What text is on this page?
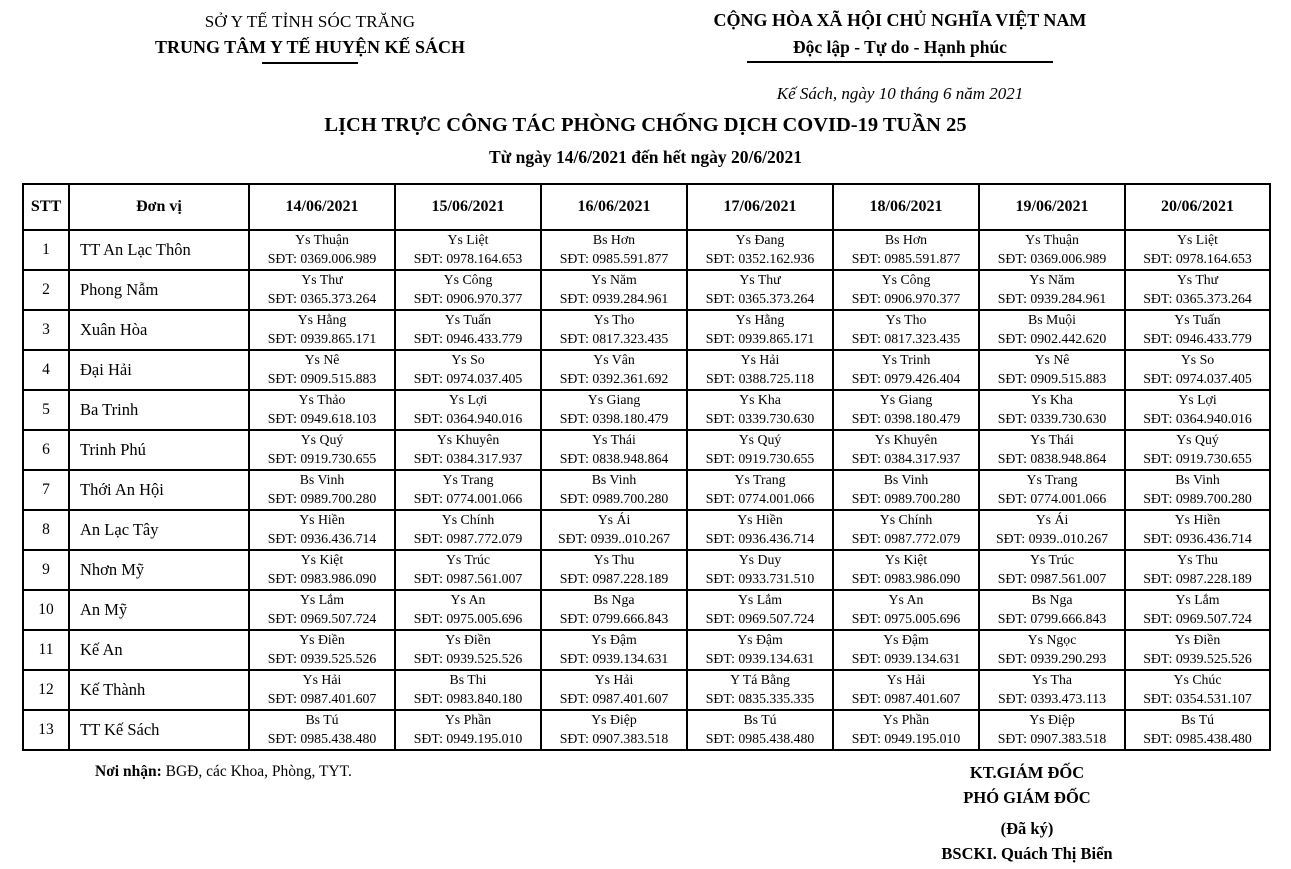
SỞ Y TẾ TỈNH SÓC TRĂNG
TRUNG TÂM Y TẾ HUYỆN KẾ SÁCH
CỘNG HÒA XÃ HỘI CHỦ NGHĨA VIỆT NAM
Độc lập - Tự do - Hạnh phúc
Kế Sách, ngày 10 tháng 6 năm 2021
LỊCH TRỰC CÔNG TÁC PHÒNG CHỐNG DỊCH COVID-19 TUẦN 25
Từ ngày 14/6/2021 đến hết ngày 20/6/2021
STT	Đơn vị	14/06/2021	15/06/2021	16/06/2021	17/06/2021	18/06/2021	19/06/2021	20/06/2021
1	TT An Lạc Thôn	
Ys Thuận
SĐT: 0369.006.989

Ys Liệt
SĐT: 0978.164.653

Bs Hơn
SĐT: 0985.591.877

Ys Đang
SĐT: 0352.162.936

Bs Hơn
SĐT: 0985.591.877

Ys Thuận
SĐT: 0369.006.989

Ys Liệt
SĐT: 0978.164.653

2	Phong Nẫm	
Ys Thư
SĐT: 0365.373.264

Ys Công
SĐT: 0906.970.377

Ys Năm
SĐT: 0939.284.961

Ys Thư
SĐT: 0365.373.264

Ys Công
SĐT: 0906.970.377

Ys Năm
SĐT: 0939.284.961

Ys Thư
SĐT: 0365.373.264

3	Xuân Hòa	
Ys Hằng
SĐT: 0939.865.171

Ys Tuấn
SĐT: 0946.433.779

Ys Tho
SĐT: 0817.323.435

Ys Hằng
SĐT: 0939.865.171

Ys Tho
SĐT: 0817.323.435

Bs Muội
SĐT: 0902.442.620

Ys Tuấn
SĐT: 0946.433.779

4	Đại Hải	
Ys Nê
SĐT: 0909.515.883

Ys So
SĐT: 0974.037.405

Ys Vân
SĐT: 0392.361.692

Ys Hải
SĐT: 0388.725.118

Ys Trinh
SĐT: 0979.426.404

Ys Nê
SĐT: 0909.515.883

Ys So
SĐT: 0974.037.405

5	Ba Trinh	
Ys Thảo
SĐT: 0949.618.103

Ys Lợi
SĐT: 0364.940.016

Ys Giang
SĐT: 0398.180.479

Ys Kha
SĐT: 0339.730.630

Ys Giang
SĐT: 0398.180.479

Ys Kha
SĐT: 0339.730.630

Ys Lợi
SĐT: 0364.940.016

6	Trinh Phú	
Ys Quý
SĐT: 0919.730.655

Ys Khuyên
SĐT: 0384.317.937

Ys Thái
SĐT: 0838.948.864

Ys Quý
SĐT: 0919.730.655

Ys Khuyên
SĐT: 0384.317.937

Ys Thái
SĐT: 0838.948.864

Ys Quý
SĐT: 0919.730.655

7	Thới An Hội	
Bs Vinh
SĐT: 0989.700.280

Ys Trang
SĐT: 0774.001.066

Bs Vinh
SĐT: 0989.700.280

Ys Trang
SĐT: 0774.001.066

Bs Vinh
SĐT: 0989.700.280

Ys Trang
SĐT: 0774.001.066

Bs Vinh
SĐT: 0989.700.280

8	An Lạc Tây	
Ys Hiền
SĐT: 0936.436.714

Ys Chính
SĐT: 0987.772.079

Ys Ái
SĐT: 0939..010.267

Ys Hiền
SĐT: 0936.436.714

Ys Chính
SĐT: 0987.772.079

Ys Ái
SĐT: 0939..010.267

Ys Hiền
SĐT: 0936.436.714

9	Nhơn Mỹ	
Ys Kiệt
SĐT: 0983.986.090

Ys Trúc
SĐT: 0987.561.007

Ys Thu
SĐT: 0987.228.189

Ys Duy
SĐT: 0933.731.510

Ys Kiệt
SĐT: 0983.986.090

Ys Trúc
SĐT: 0987.561.007

Ys Thu
SĐT: 0987.228.189

10	An Mỹ	
Ys Lắm
SĐT: 0969.507.724

Ys An
SĐT: 0975.005.696

Bs Nga
SĐT: 0799.666.843

Ys Lắm
SĐT: 0969.507.724

Ys An
SĐT: 0975.005.696

Bs Nga
SĐT: 0799.666.843

Ys Lắm
SĐT: 0969.507.724

11	Kế An	
Ys Điền
SĐT: 0939.525.526

Ys Điền
SĐT: 0939.525.526

Ys Đậm
SĐT: 0939.134.631

Ys Đậm
SĐT: 0939.134.631

Ys Đậm
SĐT: 0939.134.631

Ys Ngọc
SĐT: 0939.290.293

Ys Điền
SĐT: 0939.525.526

12	Kế Thành	
Ys Hải
SĐT: 0987.401.607

Bs Thi
SĐT: 0983.840.180

Ys Hải
SĐT: 0987.401.607

Y Tá Bằng
SĐT: 0835.335.335

Ys Hải
SĐT: 0987.401.607

Ys Tha
SĐT: 0393.473.113

Ys Chúc
SĐT: 0354.531.107

13	TT Kế Sách	
Bs Tú
SĐT: 0985.438.480

Ys Phần
SĐT: 0949.195.010

Ys Điệp
SĐT: 0907.383.518

Bs Tú
SĐT: 0985.438.480

Ys Phần
SĐT: 0949.195.010

Ys Điệp
SĐT: 0907.383.518

Bs Tú
SĐT: 0985.438.480
Nơi nhận: BGĐ, các Khoa, Phòng, TYT.	KT.GIÁM ĐỐC
PHÓ GIÁM ĐỐC
(Đã ký)
BSCKI. Quách Thị Biển
